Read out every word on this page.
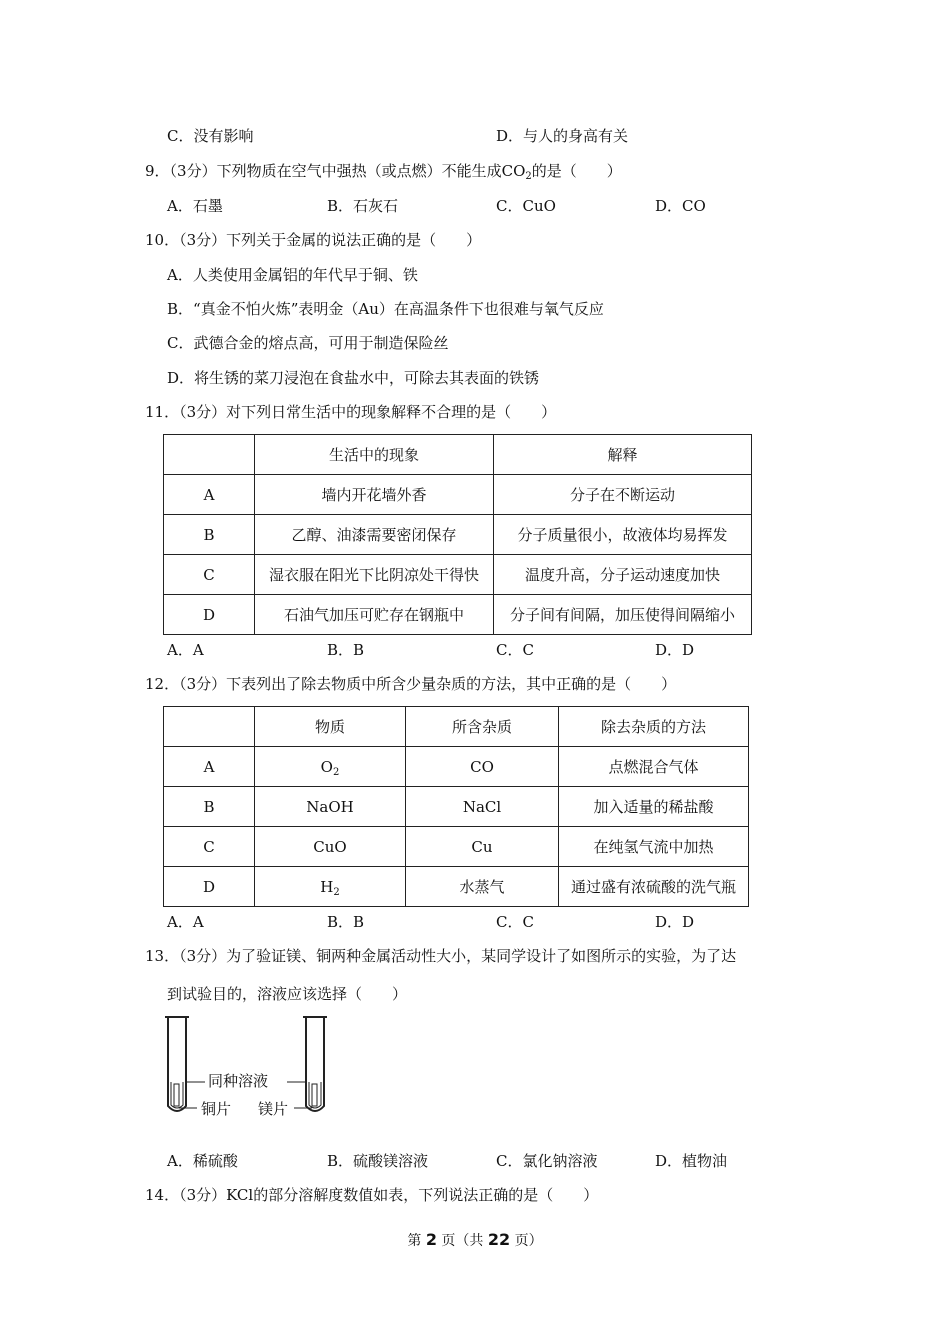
C．没有影响	D．与人的身高有关
9．（3分）下列物质在空气中强热（或点燃）不能生成$CO_2$的是（　　）
A．石墨	B．石灰石	C．CuO	D．CO
10．（3分）下列关于金属的说法正确的是（　　）
A．人类使用金属铝的年代早于铜、铁
B．“真金不怕火炼”表明金（Au）在高温条件下也很难与氧气反应
C．武德合金的熔点高，可用于制造保险丝
D．将生锈的菜刀浸泡在食盐水中，可除去其表面的铁锈
11．（3分）对下列日常生活中的现象解释不合理的是（　　）
	生活中的现象	解释
A	墙内开花墙外香	分子在不断运动
B	乙醇、油漆需要密闭保存	分子质量很小，故液体均易挥发
C	湿衣服在阳光下比阴凉处干得快	温度升高，分子运动速度加快
D	石油气加压可贮存在钢瓶中	分子间有间隔，加压使得间隔缩小
A．A	B．B	C．C	D．D
12．（3分）下表列出了除去物质中所含少量杂质的方法，其中正确的是（　　）
	物质	所含杂质	除去杂质的方法
A	$O_2$	CO	点燃混合气体
B	NaOH	NaCl	加入适量的稀盐酸
C	CuO	Cu	在纯氢气流中加热
D	$H_2$	水蒸气	通过盛有浓硫酸的洗气瓶
A．A	B．B	C．C	D．D
13．（3分）为了验证镁、铜两种金属活动性大小，某同学设计了如图所示的实验，为了达
到试验目的，溶液应该选择（　　）
同种溶液
铜片 镁片
A．稀硫酸	B．硫酸镁溶液	C．氯化钠溶液	D．植物油
14．（3分）KCl的部分溶解度数值如表，下列说法正确的是（　　）
第 2 页（共 22 页）
